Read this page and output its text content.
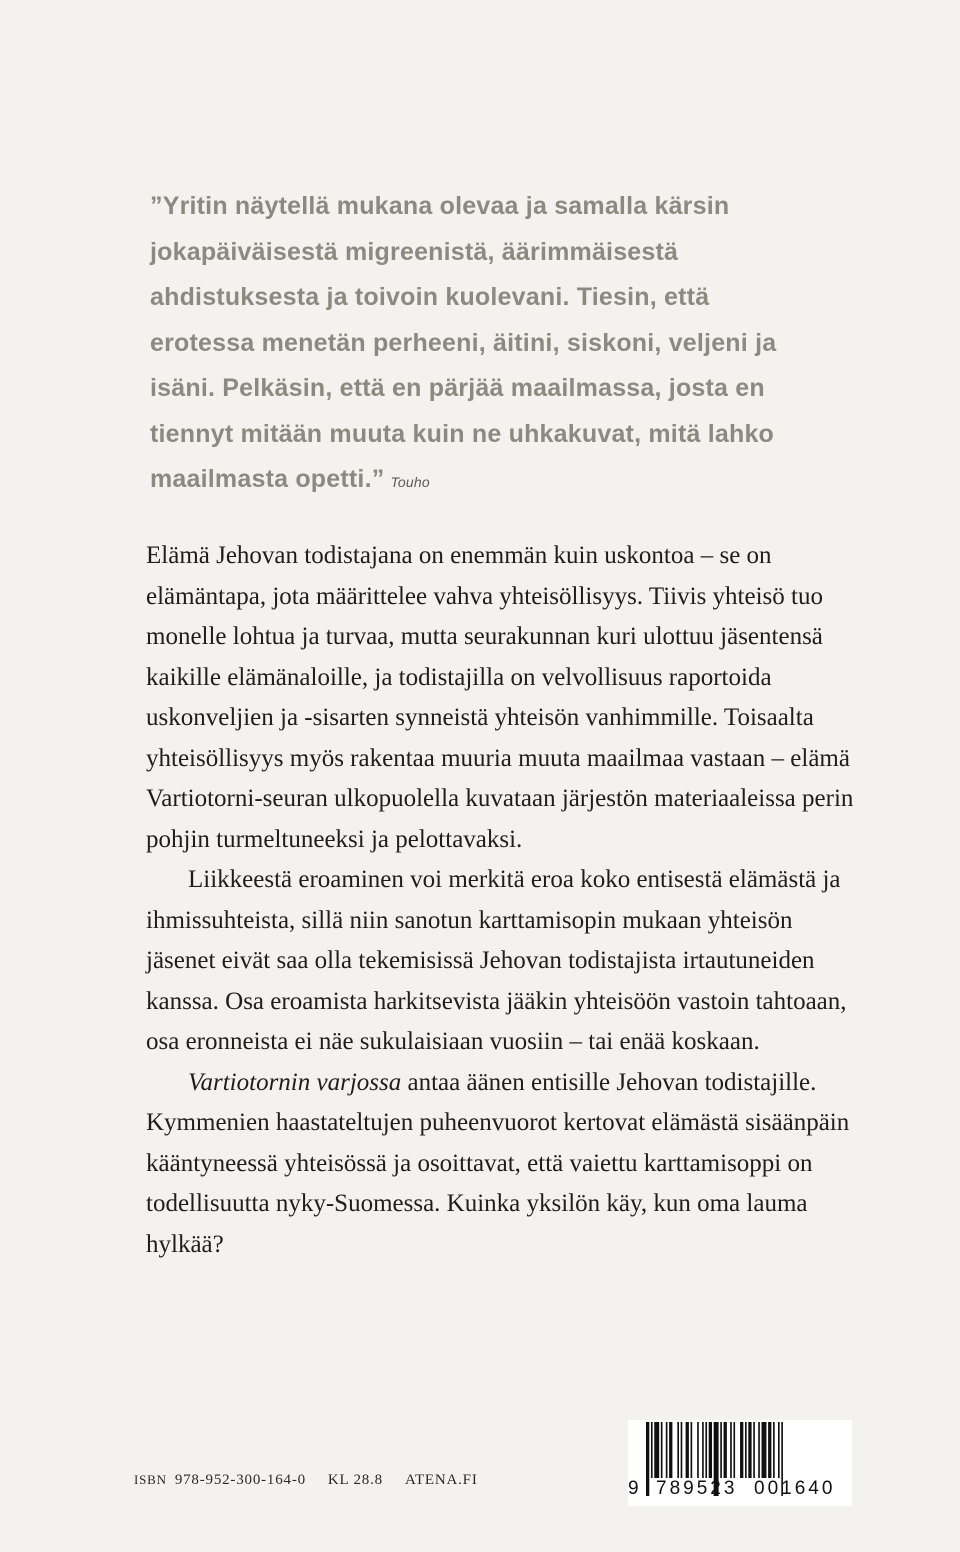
”Yritin näytellä mukana olevaa ja samalla kärsin
jokapäiväisestä migreenistä, äärimmäisestä
ahdistuksesta ja toivoin kuolevani. Tiesin, että
erotessa menetän perheeni, äitini, siskoni, veljeni ja
isäni. Pelkäsin, että en pärjää maailmassa, josta en
tiennyt mitään muuta kuin ne uhkakuvat, mitä lahko
maailmasta opetti.” Touho

Elämä Jehovan todistajana on enemmän kuin uskontoa – se on elämäntapa, jota määrittelee vahva yhteisöllisyys. Tiivis yhteisö tuo monelle lohtua ja turvaa, mutta seurakunnan kuri ulottuu jäsentensä kaikille elämänaloille, ja todistajilla on velvollisuus raportoida uskonveljien ja -sisarten synneistä yhteisön vanhimmille. Toisaalta yhteisöllisyys myös rakentaa muuria muuta maailmaa vastaan – elämä Vartiotorni-seuran ulkopuolella kuvataan järjestön materiaaleissa perin pohjin turmeltuneeksi ja pelottavaksi.

Liikkeestä eroaminen voi merkitä eroa koko entisestä elämästä ja ihmissuhteista, sillä niin sanotun karttamisopin mukaan yhteisön jäsenet eivät saa olla tekemisissä Jehovan todistajista irtautuneiden kanssa. Osa eroamista harkitsevista jääkin yhteisöön vastoin tahtoaan, osa eronneista ei näe sukulaisiaan vuosiin – tai enää koskaan.

Vartiotornin varjossa antaa äänen entisille Jehovan todistajille. Kymmenien haastateltujen puheenvuorot kertovat elämästä sisäänpäin kääntyneessä yhteisössä ja osoittavat, että vaiettu karttamisoppi on todellisuutta nyky-Suomessa. Kuinka yksilön käy, kun oma lauma hylkää?

ISBN 978-952-300-164-0 KL 28.8 ATENA.FI	9 789523 001640
